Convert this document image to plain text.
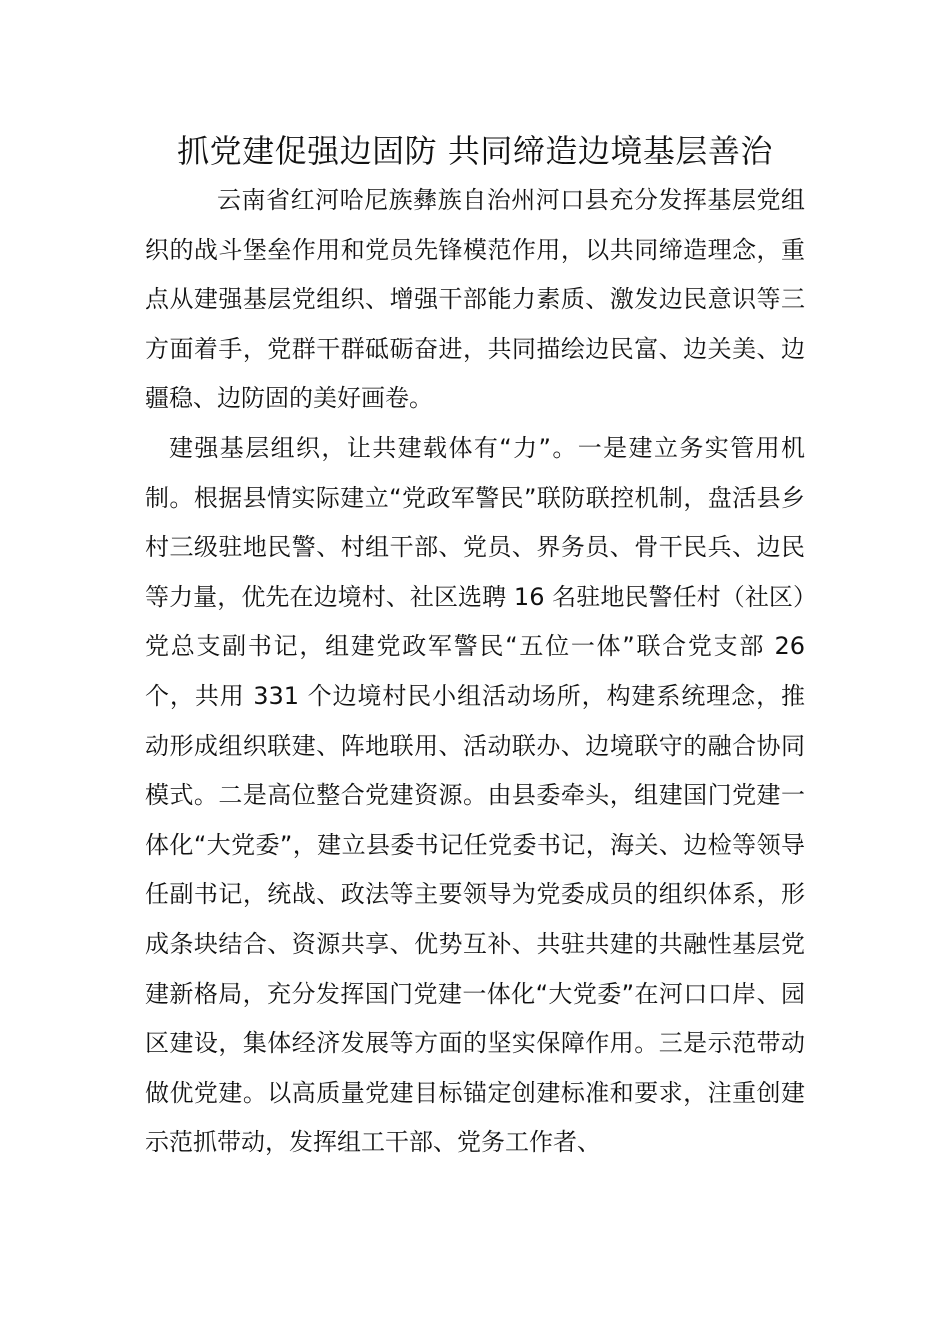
抓党建促强边固防 共同缔造边境基层善治

云南省红河哈尼族彝族自治州河口县充分发挥基层党组织的战斗堡垒作用和党员先锋模范作用，以共同缔造理念，重点从建强基层党组织、增强干部能力素质、激发边民意识等三方面着手，党群干群砥砺奋进，共同描绘边民富、边关美、边疆稳、边防固的美好画卷。

建强基层组织，让共建载体有“力”。一是建立务实管用机制。根据县情实际建立“党政军警民”联防联控机制，盘活县乡村三级驻地民警、村组干部、党员、界务员、骨干民兵、边民等力量，优先在边境村、社区选聘 16 名驻地民警任村（社区）党总支副书记，组建党政军警民“五位一体”联合党支部 26 个，共用 331 个边境村民小组活动场所，构建系统理念，推动形成组织联建、阵地联用、活动联办、边境联守的融合协同模式。二是高位整合党建资源。由县委牵头，组建国门党建一体化“大党委”，建立县委书记任党委书记，海关、边检等领导任副书记，统战、政法等主要领导为党委成员的组织体系，形成条块结合、资源共享、优势互补、共驻共建的共融性基层党建新格局，充分发挥国门党建一体化“大党委”在河口口岸、园区建设，集体经济发展等方面的坚实保障作用。三是示范带动做优党建。以高质量党建目标锚定创建标准和要求，注重创建示范抓带动，发挥组工干部、党务工作者、
